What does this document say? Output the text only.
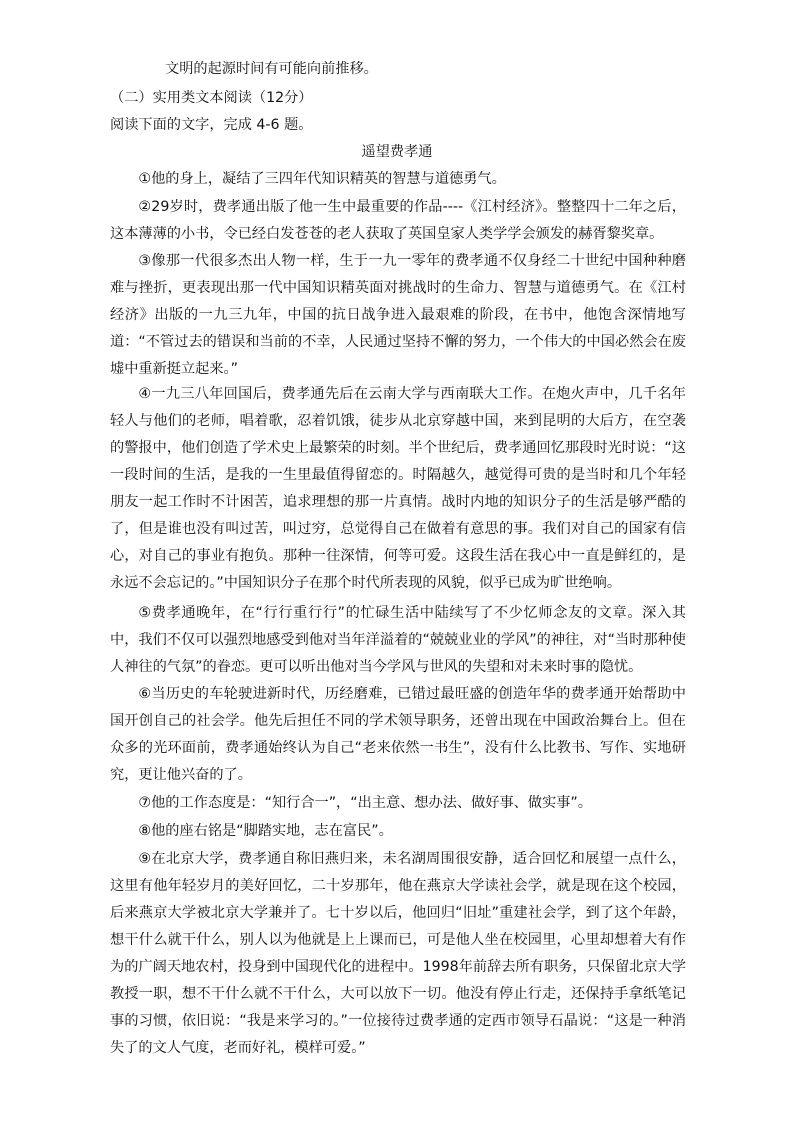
文明的起源时间有可能向前推移。
（二）实用类文本阅读（12分）
阅读下面的文字，完成 4-6 题。
遥望费孝通
①他的身上，凝结了三四年代知识精英的智慧与道德勇气。
②29岁时，费孝通出版了他一生中最重要的作品----《江村经济》。整整四十二年之后，这本薄薄的小书，令已经白发苍苍的老人获取了英国皇家人类学学会颁发的赫胥黎奖章。
③像那一代很多杰出人物一样，生于一九一零年的费孝通不仅身经二十世纪中国种种磨难与挫折，更表现出那一代中国知识精英面对挑战时的生命力、智慧与道德勇气。在《江村经济》出版的一九三九年，中国的抗日战争进入最艰难的阶段，在书中，他饱含深情地写道：“不管过去的错误和当前的不幸，人民通过坚持不懈的努力，一个伟大的中国必然会在废墟中重新挺立起来。”
④一九三八年回国后，费孝通先后在云南大学与西南联大工作。在炮火声中，几千名年轻人与他们的老师，唱着歌，忍着饥饿，徒步从北京穿越中国，来到昆明的大后方，在空袭的警报中，他们创造了学术史上最繁荣的时刻。半个世纪后，费孝通回忆那段时光时说：“这一段时间的生活，是我的一生里最值得留恋的。时隔越久，越觉得可贵的是当时和几个年轻朋友一起工作时不计困苦，追求理想的那一片真情。战时内地的知识分子的生活是够严酷的了，但是谁也没有叫过苦，叫过穷，总觉得自己在做着有意思的事。我们对自己的国家有信心，对自己的事业有抱负。那种一往深情，何等可爱。这段生活在我心中一直是鲜红的，是永远不会忘记的。”中国知识分子在那个时代所表现的风貌，似乎已成为旷世绝响。
⑤费孝通晚年，在“行行重行行”的忙碌生活中陆续写了不少忆师念友的文章。深入其中，我们不仅可以强烈地感受到他对当年洋溢着的“兢兢业业的学风”的神往，对“当时那种使人神往的气氛”的眷恋。更可以听出他对当今学风与世风的失望和对未来时事的隐忧。
⑥当历史的车轮驶进新时代，历经磨难，已错过最旺盛的创造年华的费孝通开始帮助中国开创自己的社会学。他先后担任不同的学术领导职务，还曾出现在中国政治舞台上。但在众多的光环面前，费孝通始终认为自己“老来依然一书生”，没有什么比教书、写作、实地研究，更让他兴奋的了。
⑦他的工作态度是：“知行合一”，“出主意、想办法、做好事、做实事”。
⑧他的座右铭是“脚踏实地，志在富民”。
⑨在北京大学，费孝通自称旧燕归来，未名湖周围很安静，适合回忆和展望一点什么，这里有他年轻岁月的美好回忆，二十岁那年，他在燕京大学读社会学，就是现在这个校园，后来燕京大学被北京大学兼并了。七十岁以后，他回归“旧址”重建社会学，到了这个年龄，想干什么就干什么，别人以为他就是上上课而已，可是他人坐在校园里，心里却想着大有作为的广阔天地农村，投身到中国现代化的进程中。1998年前辞去所有职务，只保留北京大学教授一职，想不干什么就不干什么，大可以放下一切。他没有停止行走，还保持手拿纸笔记事的习惯，依旧说：“我是来学习的。”一位接待过费孝通的定西市领导石晶说：“这是一种消失了的文人气度，老而好礼，模样可爱。”
